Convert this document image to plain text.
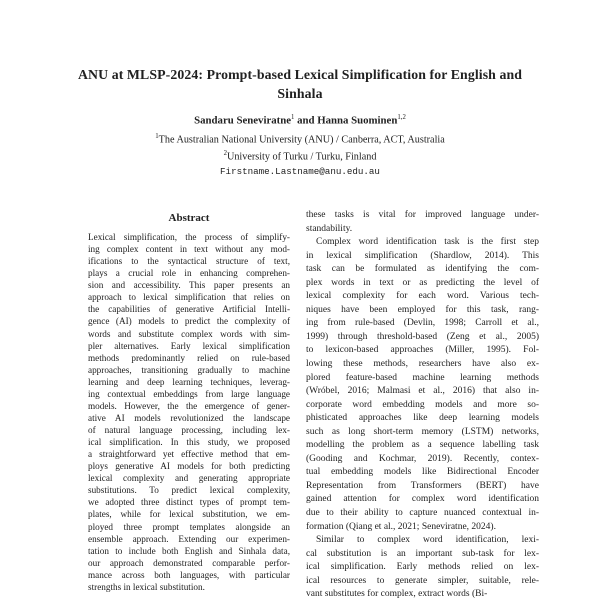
ANU at MLSP-2024: Prompt-based Lexical Simplification for English and
Sinhala
Sandaru Seneviratne$^1$ and Hanna Suominen$^{1,2}$
$^1$The Australian National University (ANU) / Canberra, ACT, Australia
$^2$University of Turku / Turku, Finland
Firstname.Lastname@anu.edu.au
Abstract
Lexical simplification, the process of simplify-
ing complex content in text without any mod-
ifications to the syntactical structure of text,
plays a crucial role in enhancing comprehen-
sion and accessibility. This paper presents an
approach to lexical simplification that relies on
the capabilities of generative Artificial Intelli-
gence (AI) models to predict the complexity of
words and substitute complex words with sim-
pler alternatives. Early lexical simplification
methods predominantly relied on rule-based
approaches, transitioning gradually to machine
learning and deep learning techniques, leverag-
ing contextual embeddings from large language
models. However, the the emergence of gener-
ative AI models revolutionized the landscape
of natural language processing, including lex-
ical simplification. In this study, we proposed
a straightforward yet effective method that em-
ploys generative AI models for both predicting
lexical complexity and generating appropriate
substitutions. To predict lexical complexity,
we adopted three distinct types of prompt tem-
plates, while for lexical substitution, we em-
ployed three prompt templates alongside an
ensemble approach. Extending our experimen-
tation to include both English and Sinhala data,
our approach demonstrated comparable perfor-
mance across both languages, with particular
strengths in lexical substitution.
these tasks is vital for improved language under-
standability.
Complex word identification task is the first step
in lexical simplification (Shardlow, 2014). This
task can be formulated as identifying the com-
plex words in text or as predicting the level of
lexical complexity for each word. Various tech-
niques have been employed for this task, rang-
ing from rule-based (Devlin, 1998; Carroll et al.,
1999) through threshold-based (Zeng et al., 2005)
to lexicon-based approaches (Miller, 1995). Fol-
lowing these methods, researchers have also ex-
plored feature-based machine learning methods
(Wróbel, 2016; Malmasi et al., 2016) that also in-
corporate word embedding models and more so-
phisticated approaches like deep learning models
such as long short-term memory (LSTM) networks,
modelling the problem as a sequence labelling task
(Gooding and Kochmar, 2019). Recently, contex-
tual embedding models like Bidirectional Encoder
Representation from Transformers (BERT) have
gained attention for complex word identification
due to their ability to capture nuanced contextual in-
formation (Qiang et al., 2021; Seneviratne, 2024).
Similar to complex word identification, lexi-
cal substitution is an important sub-task for lex-
ical simplification. Early methods relied on lex-
ical resources to generate simpler, suitable, rele-
vant substitutes for complex, extract words (Bi-
